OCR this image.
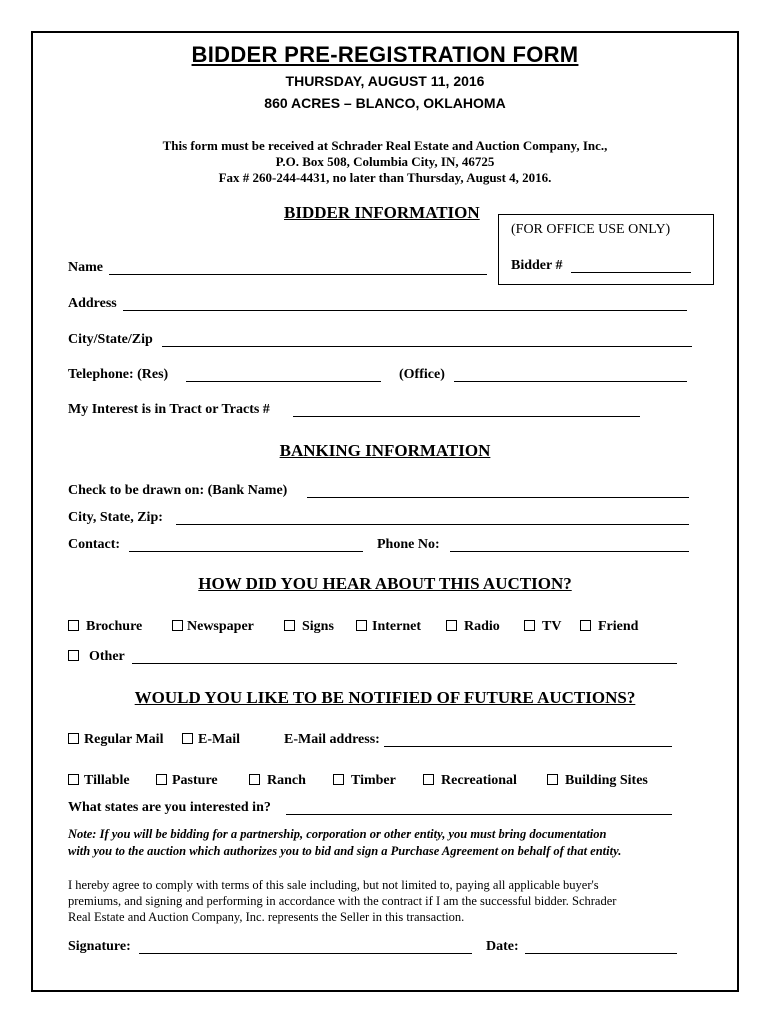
BIDDER PRE-REGISTRATION FORM
THURSDAY, AUGUST 11, 2016
860 ACRES – BLANCO, OKLAHOMA
This form must be received at Schrader Real Estate and Auction Company, Inc.,
P.O. Box 508, Columbia City, IN, 46725
Fax # 260-244-4431, no later than Thursday, August 4, 2016.
(FOR OFFICE USE ONLY)
Bidder #
BIDDER INFORMATION
Name
Address
City/State/Zip
Telephone: (Res)	(Office)
My Interest is in Tract or Tracts #
BANKING INFORMATION
Check to be drawn on: (Bank Name)
City, State, Zip:
Contact:	Phone No:
HOW DID YOU HEAR ABOUT THIS AUCTION?
Brochure	Newspaper	Signs	Internet	Radio	TV	Friend
Other
WOULD YOU LIKE TO BE NOTIFIED OF FUTURE AUCTIONS?
Regular Mail	E-Mail	E-Mail address:
Tillable	Pasture	Ranch	Timber	Recreational	Building Sites
What states are you interested in?
Note: If you will be bidding for a partnership, corporation or other entity, you must bring documentation
with you to the auction which authorizes you to bid and sign a Purchase Agreement on behalf of that entity.
I hereby agree to comply with terms of this sale including, but not limited to, paying all applicable buyer's
premiums, and signing and performing in accordance with the contract if I am the successful bidder. Schrader
Real Estate and Auction Company, Inc. represents the Seller in this transaction.
Signature:	Date:
